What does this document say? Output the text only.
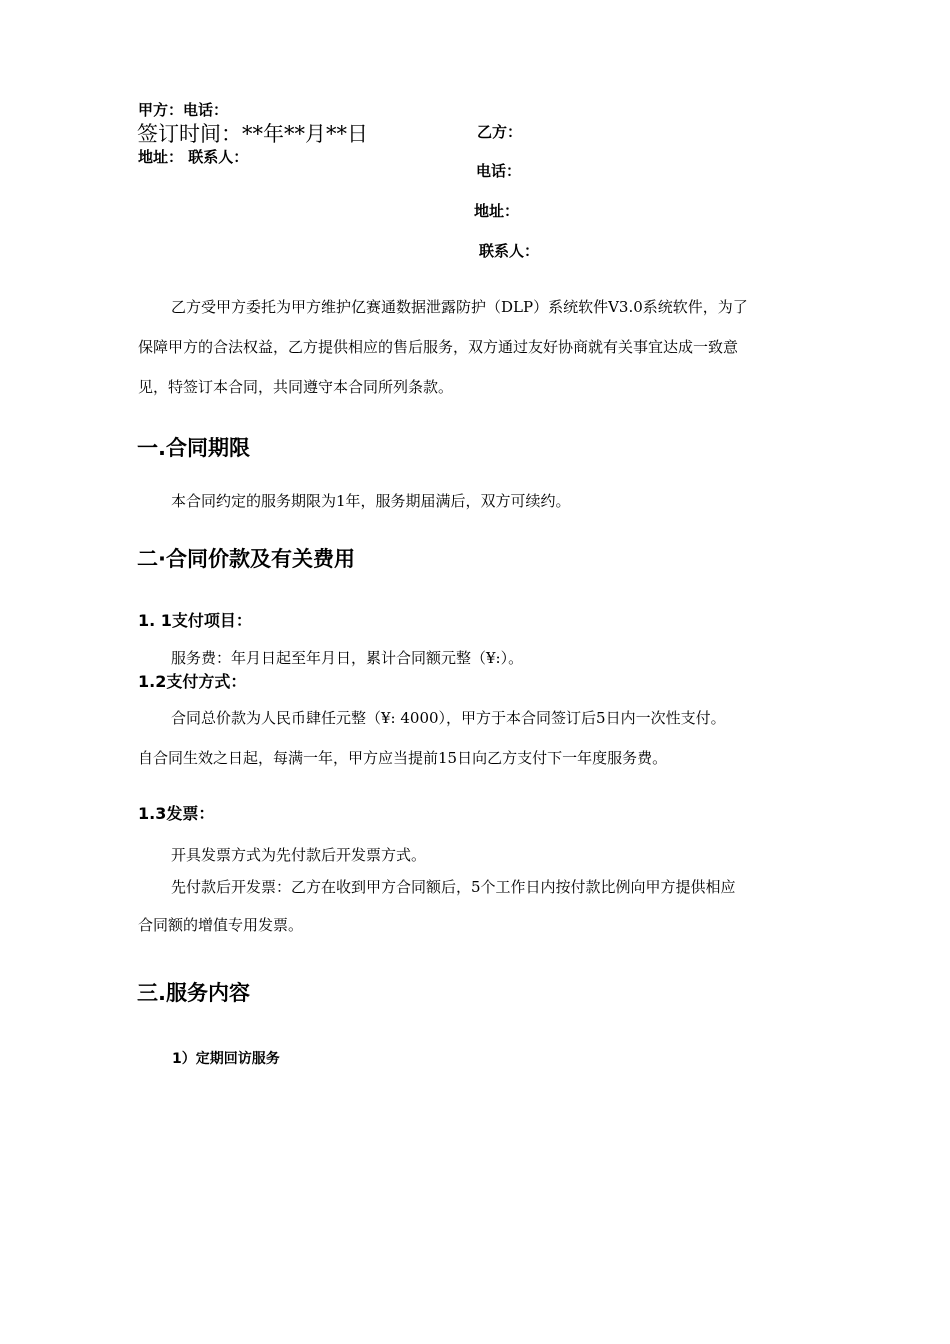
甲方：电话：
签订时间：**年**月**日
地址： 联系人：
乙方：
电话：
地址：
联系人：
乙方受甲方委托为甲方维护亿赛通数据泄露防护（DLP）系统软件V3.0系统软件，为了
保障甲方的合法权益，乙方提供相应的售后服务，双方通过友好协商就有关事宜达成一致意
见，特签订本合同，共同遵守本合同所列条款。
一.合同期限
本合同约定的服务期限为1年，服务期届满后，双方可续约。
二·合同价款及有关费用
1. 1支付项目：
服务费：年月日起至年月日，累计合同额元整（¥:）。
1.2支付方式：
合同总价款为人民币肆任元整（¥: 4000），甲方于本合同签订后5日内一次性支付。
自合同生效之日起，每满一年，甲方应当提前15日向乙方支付下一年度服务费。
1.3发票：
开具发票方式为先付款后开发票方式。
先付款后开发票：乙方在收到甲方合同额后，5个工作日内按付款比例向甲方提供相应
合同额的增值专用发票。
三.服务内容
1）定期回访服务
